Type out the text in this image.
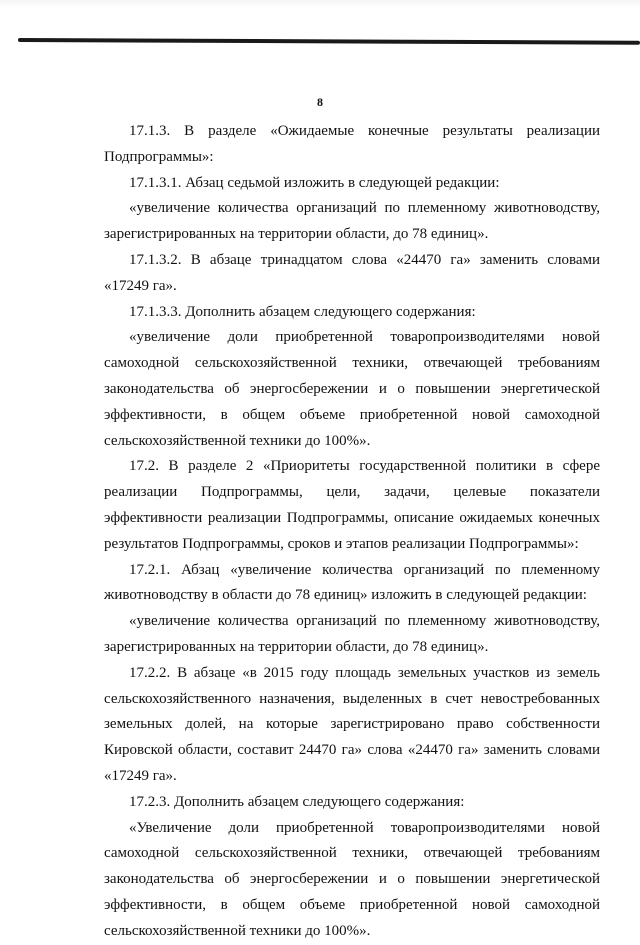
8

17.1.3. В разделе «Ожидаемые конечные результаты реализации Подпрограммы»:

17.1.3.1. Абзац седьмой изложить в следующей редакции:

«увеличение количества организаций по племенному животноводству, зарегистрированных на территории области, до 78 единиц».

17.1.3.2. В абзаце тринадцатом слова «24470 га» заменить словами «17249 га».

17.1.3.3. Дополнить абзацем следующего содержания:

«увеличение доли приобретенной товаропроизводителями новой самоходной сельскохозяйственной техники, отвечающей требованиям законодательства об энергосбережении и о повышении энергетической эффективности, в общем объеме приобретенной новой самоходной сельскохозяйственной техники до 100%».

17.2. В разделе 2 «Приоритеты государственной политики в сфере реализации Подпрограммы, цели, задачи, целевые показатели эффективности реализации Подпрограммы, описание ожидаемых конечных результатов Подпрограммы, сроков и этапов реализации Подпрограммы»:

17.2.1. Абзац «увеличение количества организаций по племенному животноводству в области до 78 единиц» изложить в следующей редакции:

«увеличение количества организаций по племенному животноводству, зарегистрированных на территории области, до 78 единиц».

17.2.2. В абзаце «в 2015 году площадь земельных участков из земель сельскохозяйственного назначения, выделенных в счет невостребованных земельных долей, на которые зарегистрировано право собственности Кировской области, составит 24470 га» слова «24470 га» заменить словами «17249 га».

17.2.3. Дополнить абзацем следующего содержания:

«Увеличение доли приобретенной товаропроизводителями новой самоходной сельскохозяйственной техники, отвечающей требованиям законодательства об энергосбережении и о повышении энергетической эффективности, в общем объеме приобретенной новой самоходной сельскохозяйственной техники до 100%».
